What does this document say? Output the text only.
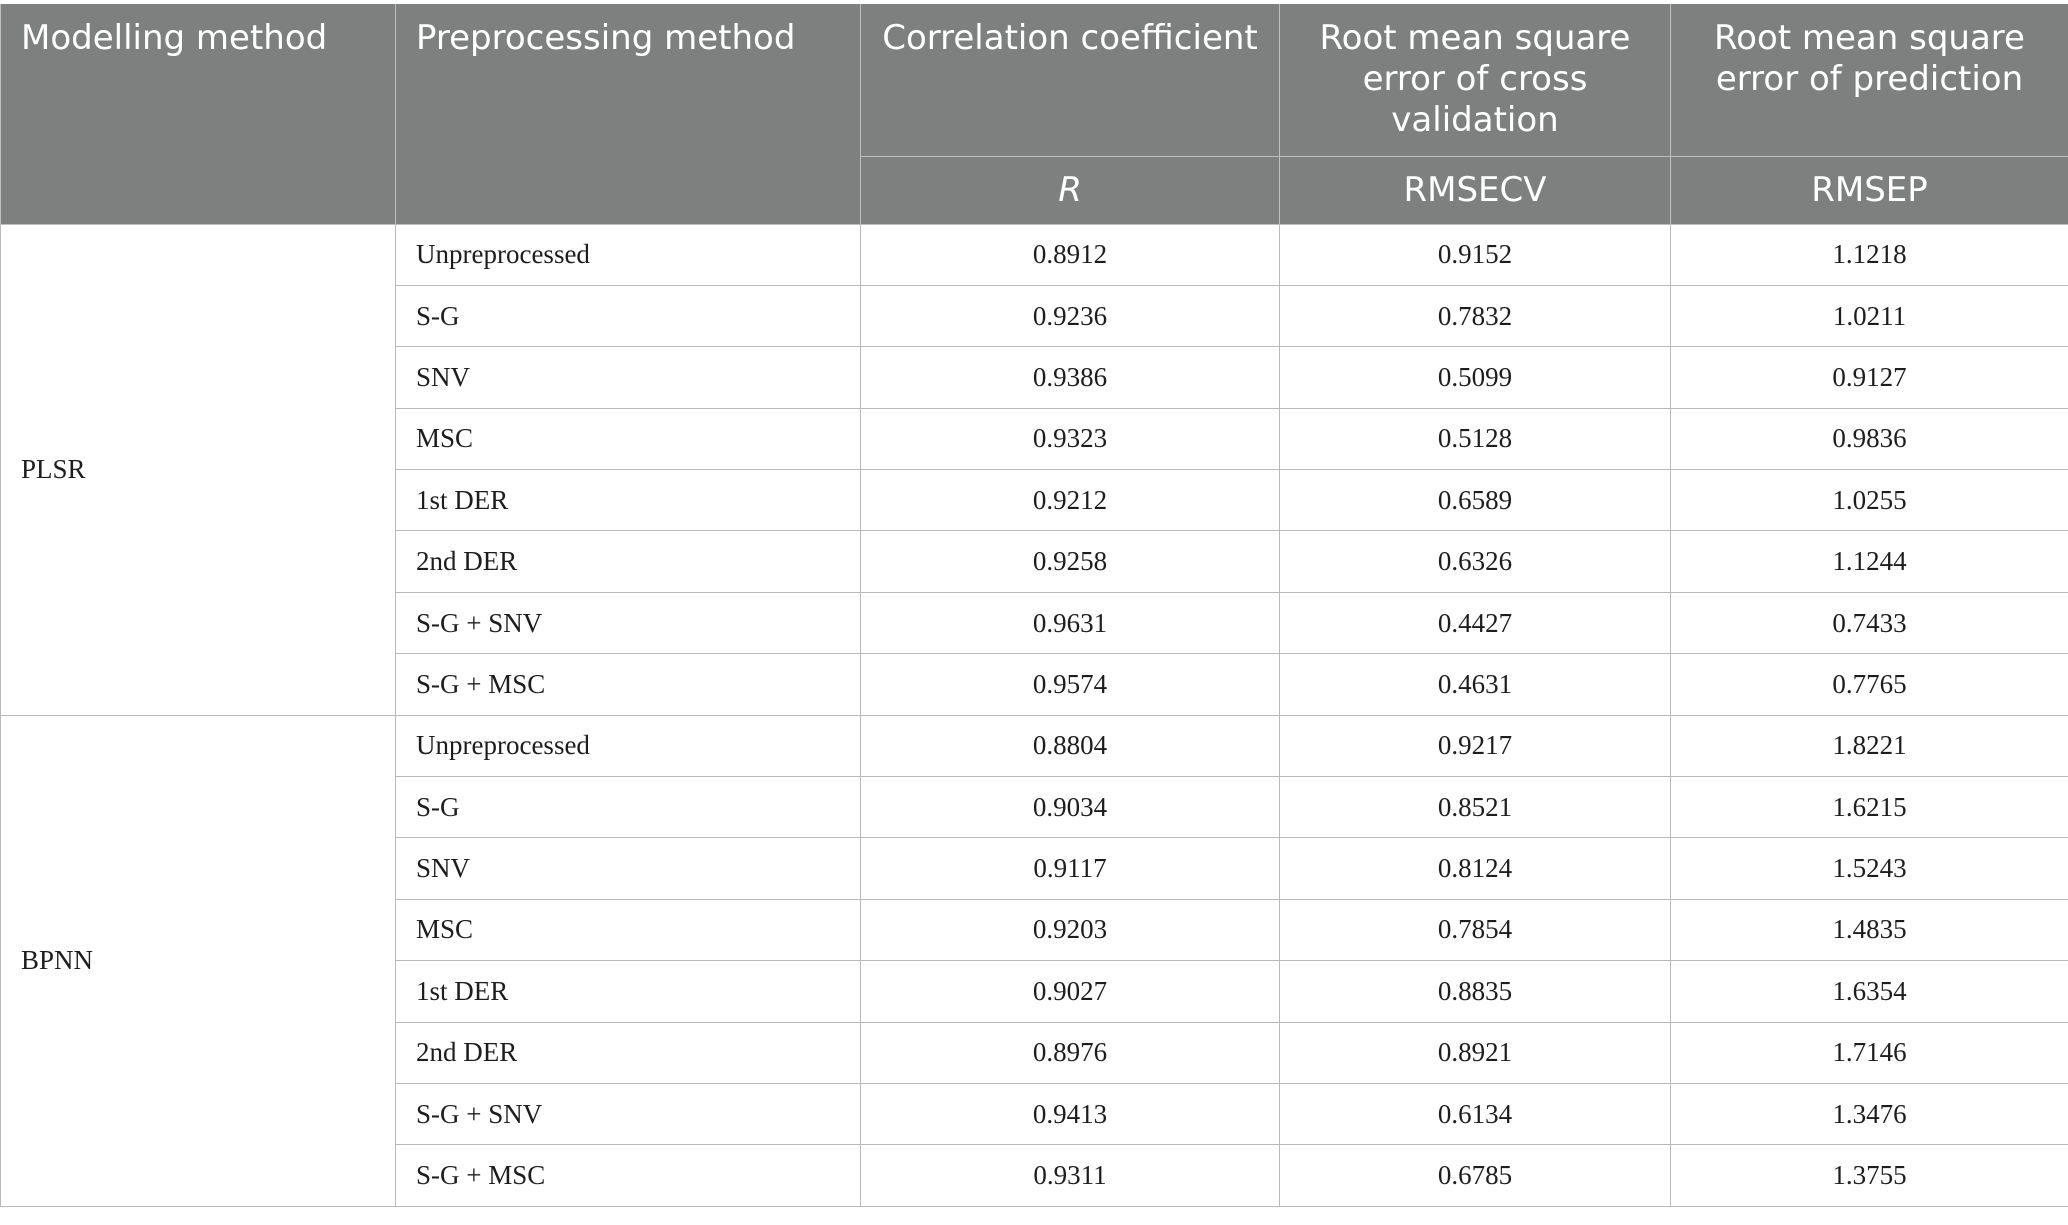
Modelling method	Preprocessing method	Correlation coefficient	Root mean square error of cross validation	Root mean square error of prediction
		R	RMSECV	RMSEP
PLSR	Unpreprocessed	0.8912	0.9152	1.1218
	S-G	0.9236	0.7832	1.0211
	SNV	0.9386	0.5099	0.9127
	MSC	0.9323	0.5128	0.9836
	1st DER	0.9212	0.6589	1.0255
	2nd DER	0.9258	0.6326	1.1244
	S-G + SNV	0.9631	0.4427	0.7433
	S-G + MSC	0.9574	0.4631	0.7765
BPNN	Unpreprocessed	0.8804	0.9217	1.8221
	S-G	0.9034	0.8521	1.6215
	SNV	0.9117	0.8124	1.5243
	MSC	0.9203	0.7854	1.4835
	1st DER	0.9027	0.8835	1.6354
	2nd DER	0.8976	0.8921	1.7146
	S-G + SNV	0.9413	0.6134	1.3476
	S-G + MSC	0.9311	0.6785	1.3755
